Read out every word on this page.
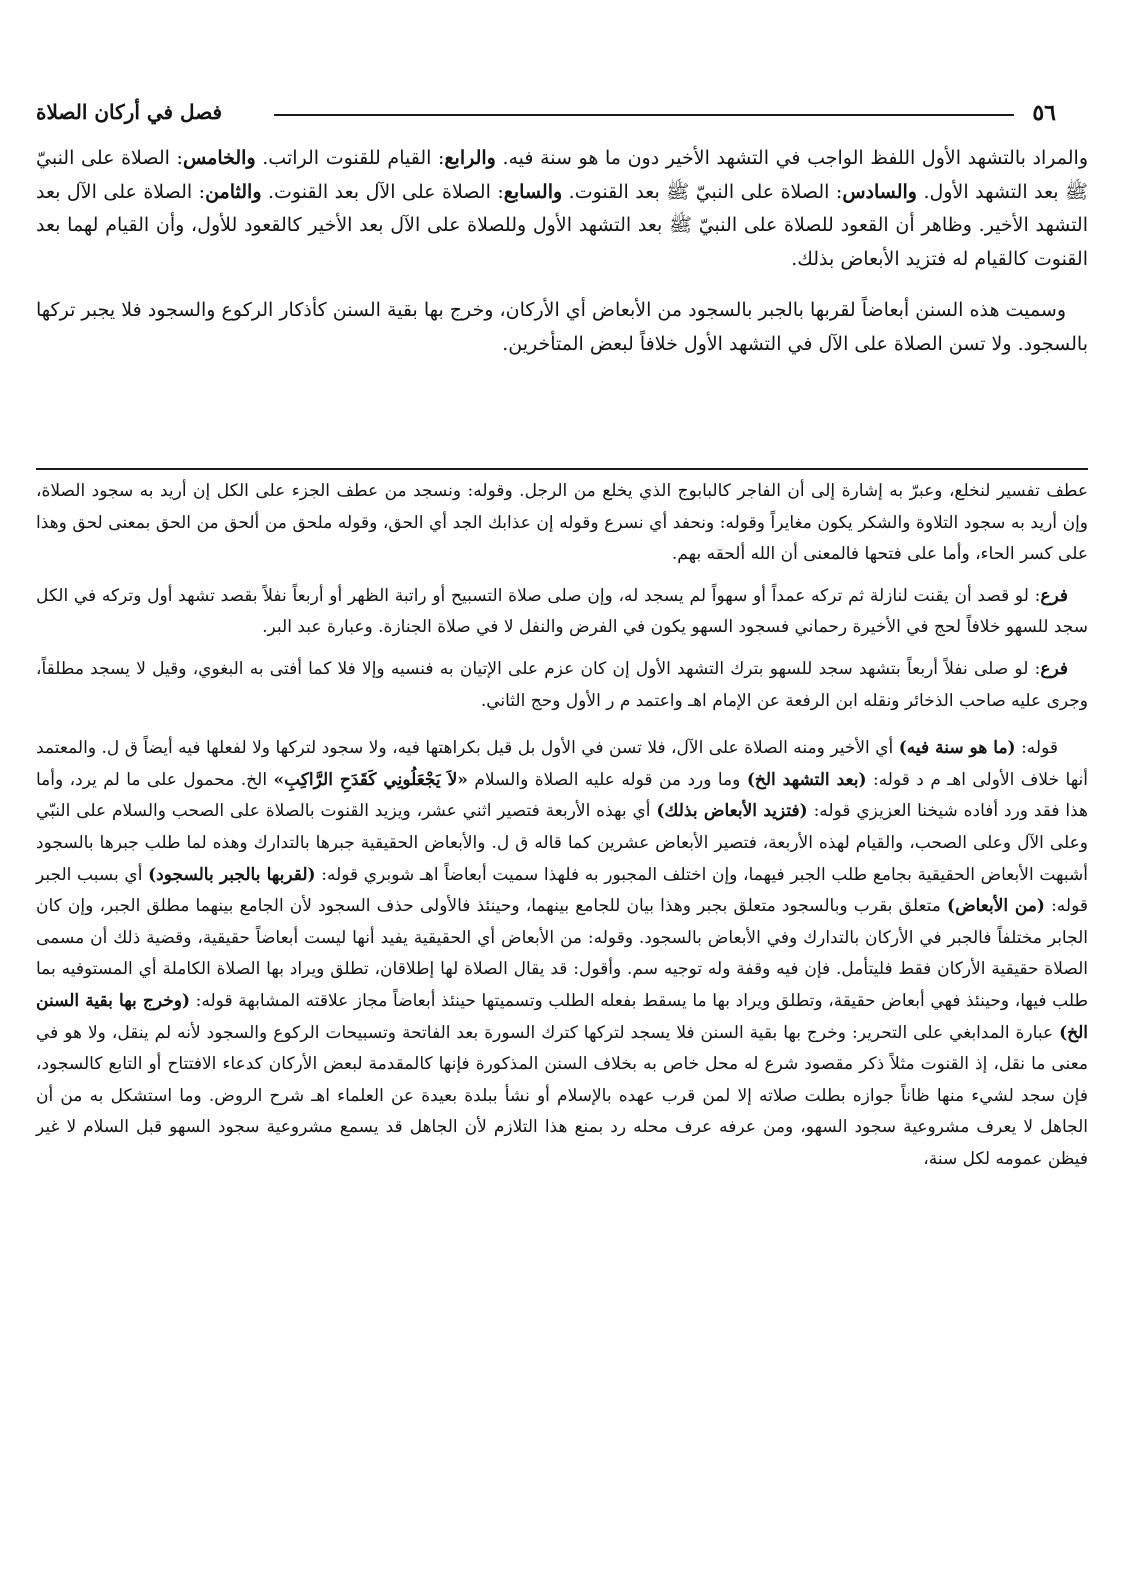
٥٦
فصل في أركان الصلاة

والمراد بالتشهد الأول اللفظ الواجب في التشهد الأخير دون ما هو سنة فيه. والرابع: القيام للقنوت الراتب. والخامس: الصلاة على النبيّ ﷺ بعد التشهد الأول. والسادس: الصلاة على النبيّ ﷺ بعد القنوت. والسابع: الصلاة على الآل بعد القنوت. والثامن: الصلاة على الآل بعد التشهد الأخير. وظاهر أن القعود للصلاة على النبيّ ﷺ بعد التشهد الأول وللصلاة على الآل بعد الأخير كالقعود للأول، وأن القيام لهما بعد القنوت كالقيام له فتزيد الأبعاض بذلك.

وسميت هذه السنن أبعاضاً لقربها بالجبر بالسجود من الأبعاض أي الأركان، وخرج بها بقية السنن كأذكار الركوع والسجود فلا يجبر تركها بالسجود. ولا تسن الصلاة على الآل في التشهد الأول خلافاً لبعض المتأخرين.

عطف تفسير لنخلع، وعبرّ به إشارة إلى أن الفاجر كالبابوج الذي يخلع من الرجل. وقوله: ونسجد من عطف الجزء على الكل إن أريد به سجود الصلاة، وإن أريد به سجود التلاوة والشكر يكون مغايراً وقوله: ونحفد أي نسرع وقوله إن عذابك الجد أي الحق، وقوله ملحق من ألحق من الحق بمعنى لحق وهذا على كسر الحاء، وأما على فتحها فالمعنى أن الله ألحقه بهم.

فرع: لو قصد أن يقنت لنازلة ثم تركه عمداً أو سهواً لم يسجد له، وإن صلى صلاة التسبيح أو راتبة الظهر أو أربعاً نفلاً بقصد تشهد أول وتركه في الكل سجد للسهو خلافاً لحج في الأخيرة رحماني فسجود السهو يكون في الفرض والنفل لا في صلاة الجنازة. وعبارة عبد البر.

فرع: لو صلى نفلاً أربعاً بتشهد سجد للسهو بترك التشهد الأول إن كان عزم على الإتيان به فنسيه وإلا فلا كما أفتى به البغوي، وقيل لا يسجد مطلقاً، وجرى عليه صاحب الذخائر ونقله ابن الرفعة عن الإمام اهـ واعتمد م ر الأول وحج الثاني.

قوله: (ما هو سنة فيه) أي الأخير ومنه الصلاة على الآل، فلا تسن في الأول بل قيل بكراهتها فيه، ولا سجود لتركها ولا لفعلها فيه أيضاً ق ل. والمعتمد أنها خلاف الأولى اهـ م د قوله: (بعد التشهد الخ) وما ورد من قوله عليه الصلاة والسلام «لاَ يَجْعَلُونِي كَقَدَحِ الرَّاكِبِ» الخ. محمول على ما لم يرد، وأما هذا فقد ورد أفاده شيخنا العزيزي قوله: (فتزيد الأبعاض بذلك) أي بهذه الأربعة فتصير اثني عشر، ويزيد القنوت بالصلاة على الصحب والسلام على النبّي وعلى الآل وعلى الصحب، والقيام لهذه الأربعة، فتصير الأبعاض عشرين كما قاله ق ل. والأبعاض الحقيقية جبرها بالتدارك وهذه لما طلب جبرها بالسجود أشبهت الأبعاض الحقيقية بجامع طلب الجبر فيهما، وإن اختلف المجبور به فلهذا سميت أبعاضاً اهـ شوبري قوله: (لقربها بالجبر بالسجود) أي بسبب الجبر قوله: (من الأبعاض) متعلق بقرب وبالسجود متعلق بجبر وهذا بيان للجامع بينهما، وحينئذ فالأولى حذف السجود لأن الجامع بينهما مطلق الجبر، وإن كان الجابر مختلفاً فالجبر في الأركان بالتدارك وفي الأبعاض بالسجود. وقوله: من الأبعاض أي الحقيقية يفيد أنها ليست أبعاضاً حقيقية، وقضية ذلك أن مسمى الصلاة حقيقية الأركان فقط فليتأمل. فإن فيه وقفة وله توجيه سم. وأقول: قد يقال الصلاة لها إطلاقان، تطلق ويراد بها الصلاة الكاملة أي المستوفيه بما طلب فيها، وحينئذ فهي أبعاض حقيقة، وتطلق ويراد بها ما يسقط بفعله الطلب وتسميتها حينئذ أبعاضاً مجاز علاقته المشابهة قوله: (وخرج بها بقية السنن الخ) عبارة المدابغي على التحرير: وخرج بها بقية السنن فلا يسجد لتركها كترك السورة بعد الفاتحة وتسبيحات الركوع والسجود لأنه لم ينقل، ولا هو في معنى ما نقل، إذ القنوت مثلاً ذكر مقصود شرع له محل خاص به بخلاف السنن المذكورة فإنها كالمقدمة لبعض الأركان كدعاء الافتتاح أو التابع كالسجود، فإن سجد لشيء منها ظاناً جوازه بطلت صلاته إلا لمن قرب عهده بالإسلام أو نشأ ببلدة بعيدة عن العلماء اهـ شرح الروض. وما استشكل به من أن الجاهل لا يعرف مشروعية سجود السهو، ومن عرفه عرف محله رد بمنع هذا التلازم لأن الجاهل قد يسمع مشروعية سجود السهو قبل السلام لا غير فيظن عمومه لكل سنة،
